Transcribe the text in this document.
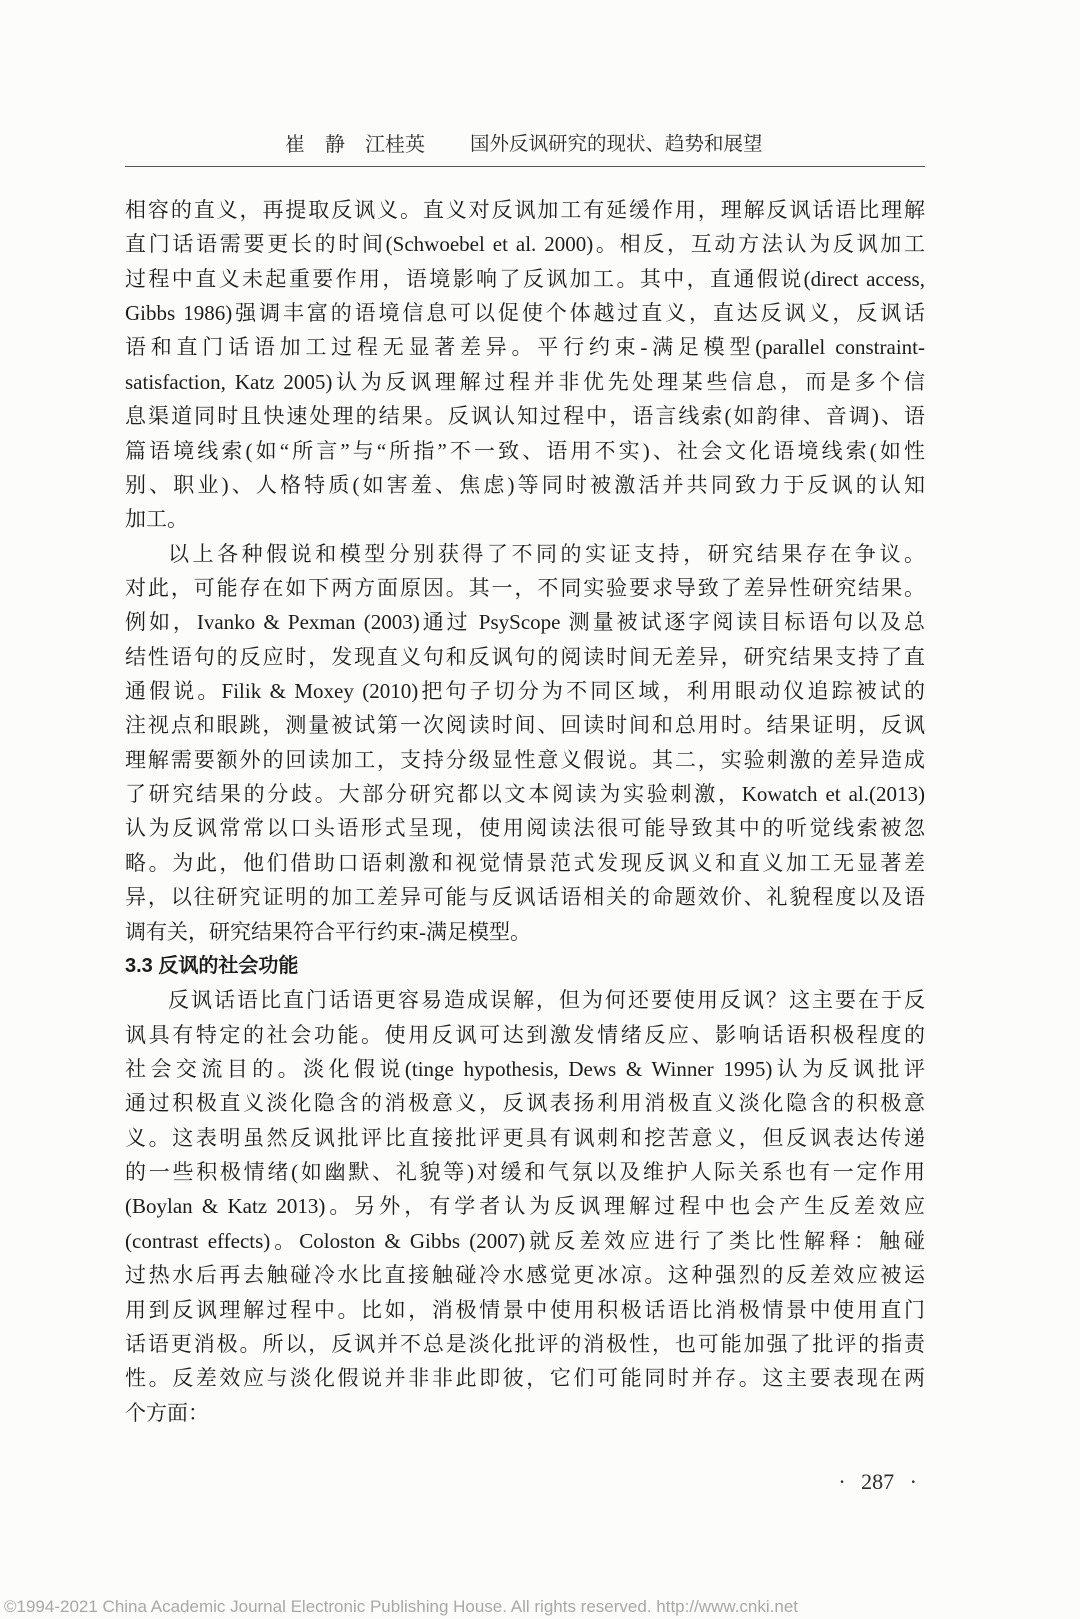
崔　静　江桂英 国外反讽研究的现状、趋势和展望
相容的直义，再提取反讽义。直义对反讽加工有延缓作用，理解反讽话语比理解
直门话语需要更长的时间(Schwoebel et al. 2000)。相反，互动方法认为反讽加工
过程中直义未起重要作用，语境影响了反讽加工。其中，直通假说(direct access,
Gibbs 1986)强调丰富的语境信息可以促使个体越过直义，直达反讽义，反讽话
语和直门话语加工过程无显著差异。平行约束-满足模型(parallel constraint-
satisfaction, Katz 2005)认为反讽理解过程并非优先处理某些信息，而是多个信
息渠道同时且快速处理的结果。反讽认知过程中，语言线索(如韵律、音调)、语
篇语境线索(如“所言”与“所指”不一致、语用不实)、社会文化语境线索(如性
别、职业)、人格特质(如害羞、焦虑)等同时被激活并共同致力于反讽的认知
加工。
以上各种假说和模型分别获得了不同的实证支持，研究结果存在争议。
对此，可能存在如下两方面原因。其一，不同实验要求导致了差异性研究结果。
例如，Ivanko & Pexman (2003)通过 PsyScope 测量被试逐字阅读目标语句以及总
结性语句的反应时，发现直义句和反讽句的阅读时间无差异，研究结果支持了直
通假说。Filik & Moxey (2010)把句子切分为不同区域，利用眼动仪追踪被试的
注视点和眼跳，测量被试第一次阅读时间、回读时间和总用时。结果证明，反讽
理解需要额外的回读加工，支持分级显性意义假说。其二，实验刺激的差异造成
了研究结果的分歧。大部分研究都以文本阅读为实验刺激，Kowatch et al.(2013)
认为反讽常常以口头语形式呈现，使用阅读法很可能导致其中的听觉线索被忽
略。为此，他们借助口语刺激和视觉情景范式发现反讽义和直义加工无显著差
异，以往研究证明的加工差异可能与反讽话语相关的命题效价、礼貌程度以及语
调有关，研究结果符合平行约束-满足模型。
3.3 反讽的社会功能
反讽话语比直门话语更容易造成误解，但为何还要使用反讽？这主要在于反
讽具有特定的社会功能。使用反讽可达到激发情绪反应、影响话语积极程度的
社会交流目的。淡化假说(tinge hypothesis, Dews & Winner 1995)认为反讽批评
通过积极直义淡化隐含的消极意义，反讽表扬利用消极直义淡化隐含的积极意
义。这表明虽然反讽批评比直接批评更具有讽刺和挖苦意义，但反讽表达传递
的一些积极情绪(如幽默、礼貌等)对缓和气氛以及维护人际关系也有一定作用
(Boylan & Katz 2013)。另外，有学者认为反讽理解过程中也会产生反差效应
(contrast effects)。Coloston & Gibbs (2007)就反差效应进行了类比性解释：触碰
过热水后再去触碰冷水比直接触碰冷水感觉更冰凉。这种强烈的反差效应被运
用到反讽理解过程中。比如，消极情景中使用积极话语比消极情景中使用直门
话语更消极。所以，反讽并不总是淡化批评的消极性，也可能加强了批评的指责
性。反差效应与淡化假说并非非此即彼，它们可能同时并存。这主要表现在两
个方面：
· 287 ·
©1994-2021 China Academic Journal Electronic Publishing House. All rights reserved. http://www.cnki.net
